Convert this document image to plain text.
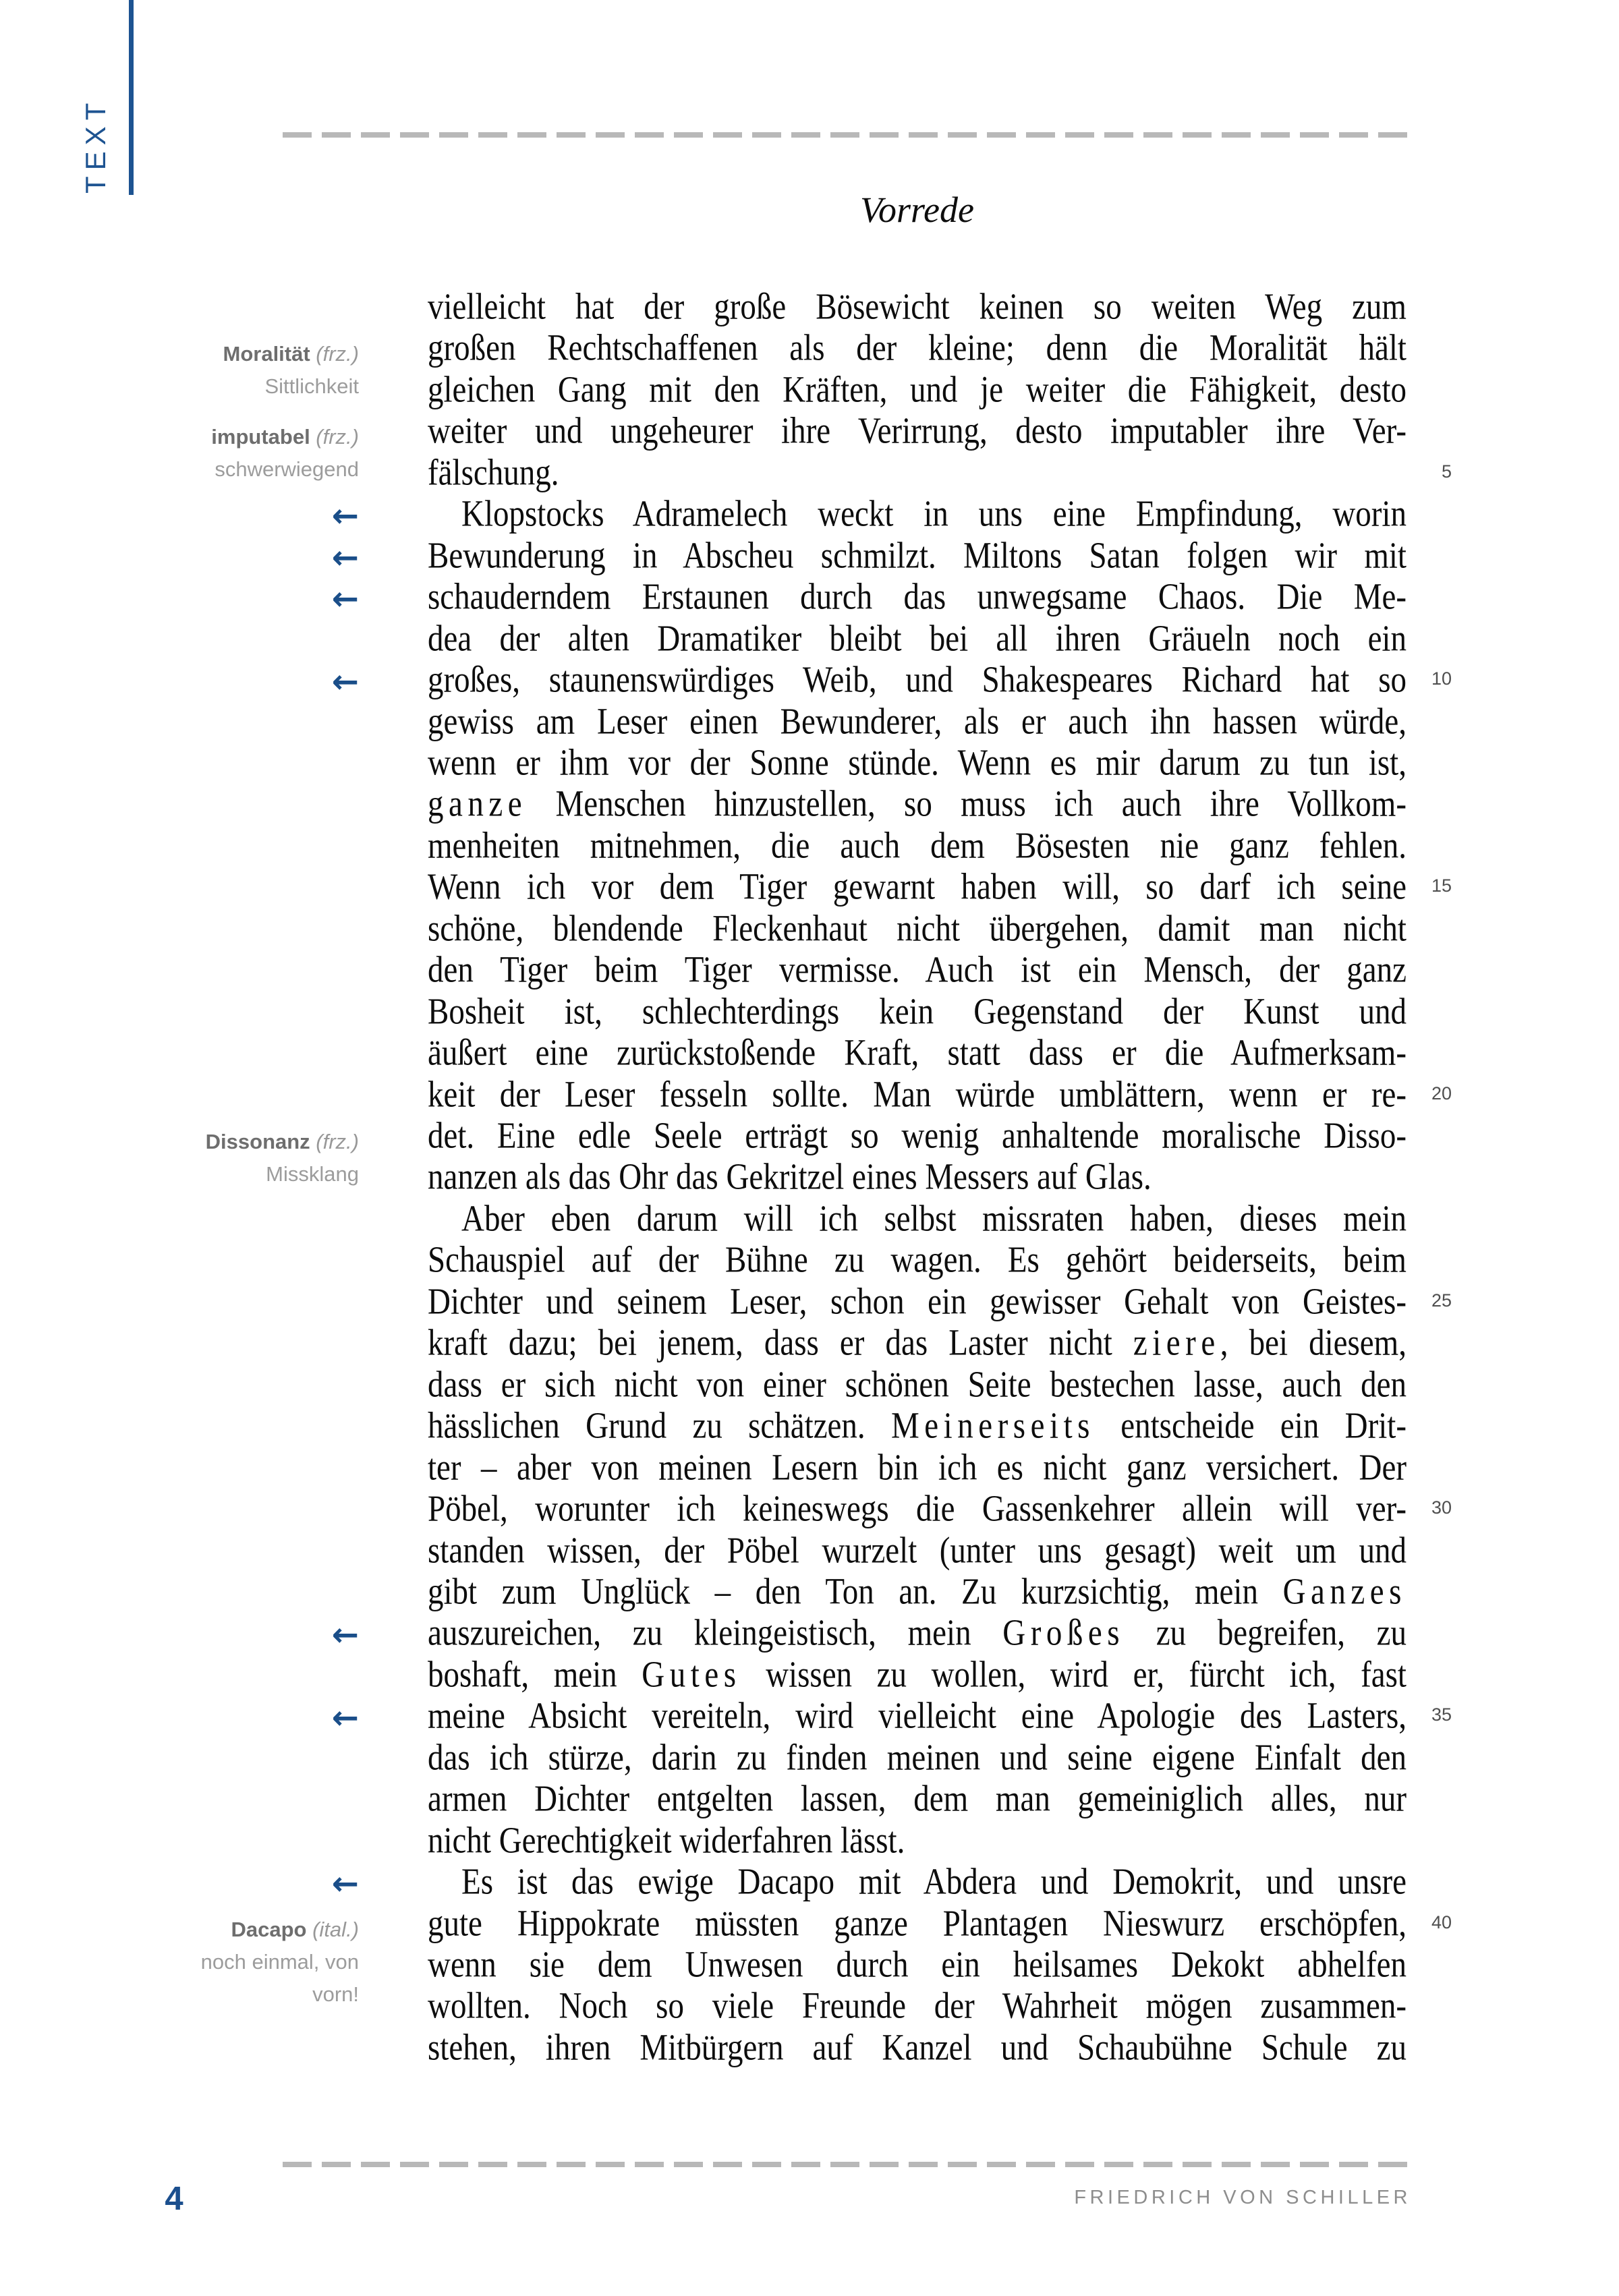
TEXT
Vorrede
vielleicht hat der große Bösewicht keinen so weiten Weg zum
großen Rechtschaffenen als der kleine; denn die Moralität hält
gleichen Gang mit den Kräften, und je weiter die Fähigkeit, desto
weiter und ungeheurer ihre Verirrung, desto imputabler ihre Ver-
fälschung.
Klopstocks Adramelech weckt in uns eine Empfindung, worin
Bewunderung in Abscheu schmilzt. Miltons Satan folgen wir mit
schauderndem Erstaunen durch das unwegsame Chaos. Die Me-
dea der alten Dramatiker bleibt bei all ihren Gräueln noch ein
großes, staunenswürdiges Weib, und Shakespeares Richard hat so
gewiss am Leser einen Bewunderer, als er auch ihn hassen würde,
wenn er ihm vor der Sonne stünde. Wenn es mir darum zu tun ist,
ganze Menschen hinzustellen, so muss ich auch ihre Vollkom-
menheiten mitnehmen, die auch dem Bösesten nie ganz fehlen.
Wenn ich vor dem Tiger gewarnt haben will, so darf ich seine
schöne, blendende Fleckenhaut nicht übergehen, damit man nicht
den Tiger beim Tiger vermisse. Auch ist ein Mensch, der ganz
Bosheit ist, schlechterdings kein Gegenstand der Kunst und
äußert eine zurückstoßende Kraft, statt dass er die Aufmerksam-
keit der Leser fesseln sollte. Man würde umblättern, wenn er re-
det. Eine edle Seele erträgt so wenig anhaltende moralische Disso-
nanzen als das Ohr das Gekritzel eines Messers auf Glas.
Aber eben darum will ich selbst missraten haben, dieses mein
Schauspiel auf der Bühne zu wagen. Es gehört beiderseits, beim
Dichter und seinem Leser, schon ein gewisser Gehalt von Geistes-
kraft dazu; bei jenem, dass er das Laster nicht ziere, bei diesem,
dass er sich nicht von einer schönen Seite bestechen lasse, auch den
hässlichen Grund zu schätzen. Meinerseits entscheide ein Drit-
ter – aber von meinen Lesern bin ich es nicht ganz versichert. Der
Pöbel, worunter ich keineswegs die Gassenkehrer allein will ver-
standen wissen, der Pöbel wurzelt (unter uns gesagt) weit um und
gibt zum Unglück – den Ton an. Zu kurzsichtig, mein Ganzes
auszureichen, zu kleingeistisch, mein Großes zu begreifen, zu
boshaft, mein Gutes wissen zu wollen, wird er, fürcht ich, fast
meine Absicht vereiteln, wird vielleicht eine Apologie des Lasters,
das ich stürze, darin zu finden meinen und seine eigene Einfalt den
armen Dichter entgelten lassen, dem man gemeiniglich alles, nur
nicht Gerechtigkeit widerfahren lässt.
Es ist das ewige Dacapo mit Abdera und Demokrit, und unsre
gute Hippokrate müssten ganze Plantagen Nieswurz erschöpfen,
wenn sie dem Unwesen durch ein heilsames Dekokt abhelfen
wollten. Noch so viele Freunde der Wahrheit mögen zusammen-
stehen, ihren Mitbürgern auf Kanzel und Schaubühne Schule zu
←
←
←
←
←
←
←
Moralität (frz.)
Sittlichkeit
imputabel (frz.)
schwerwiegend
Dissonanz (frz.)
Missklang
Dacapo (ital.)
noch einmal, von
vorn!
5
10
15
20
25
30
35
40
4	FRIEDRICH VON SCHILLER
